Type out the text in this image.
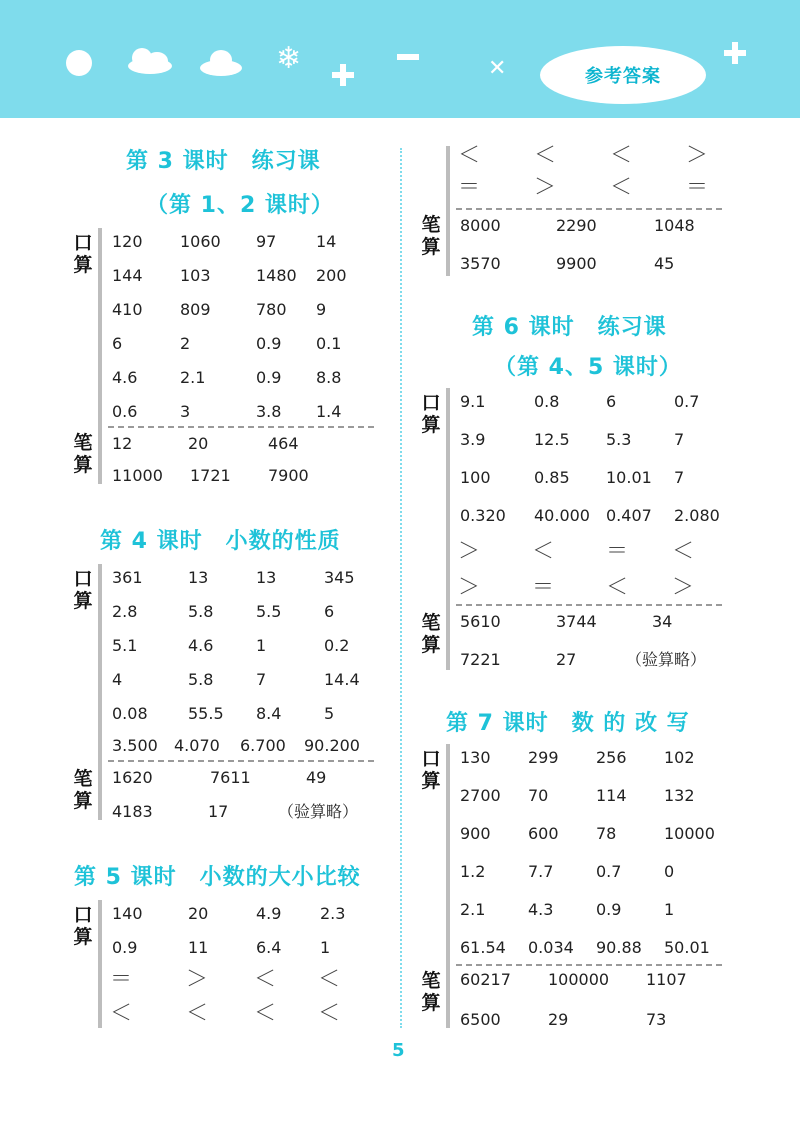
❄	✕	参考答案
第 3 课时　练习课
（第 1、2 课时）
口
算
笔
算
120 1060 97 14
144 103	1480 200
410 809	780 9
6	2	0.9 0.1
4.6	2.1	0.9 8.8
0.6	3	3.8 1.4
12	20	464
11000 1721 7900
第 4 课时　小数的性质
口
算
笔
算
361	13	13	345
2.8	5.8	5.5	6
5.1	4.6	1	0.2
4	5.8	7	14.4
0.08	55.5 8.4	5
3.500 4.070 6.700 90.200
1620	7611	49
4183	17	（验算略）
第 5 课时　小数的大小比较
口
算
140	20	4.9 2.3
0.9	11	6.4 1
＝ ＞ ＜ ＜
＜ ＜ ＜ ＜
笔
算
＜ ＜ ＜ ＞
＝ ＞ ＜ ＝
8000	2290	1048
3570	9900	45
第 6 课时　练习课
（第 4、5 课时）
口
算
笔
算
9.1	0.8	6	0.7
3.9	12.5 5.3	7
100	0.85 10.01 7
0.320 40.000 0.407 2.080
＞ ＜ ＝ ＜
＞ ＝ ＜ ＞
5610	3744	34
7221	27	（验算略）
第 7 课时　数 的 改 写
口
算
笔
算
130 299 256 102
2700 70	114 132
900 600 78	10000
1.2	7.7	0.7	0
2.1	4.3	0.9	1
61.54 0.034 90.88 50.01
60217 100000 1107
6500	29	73
5
